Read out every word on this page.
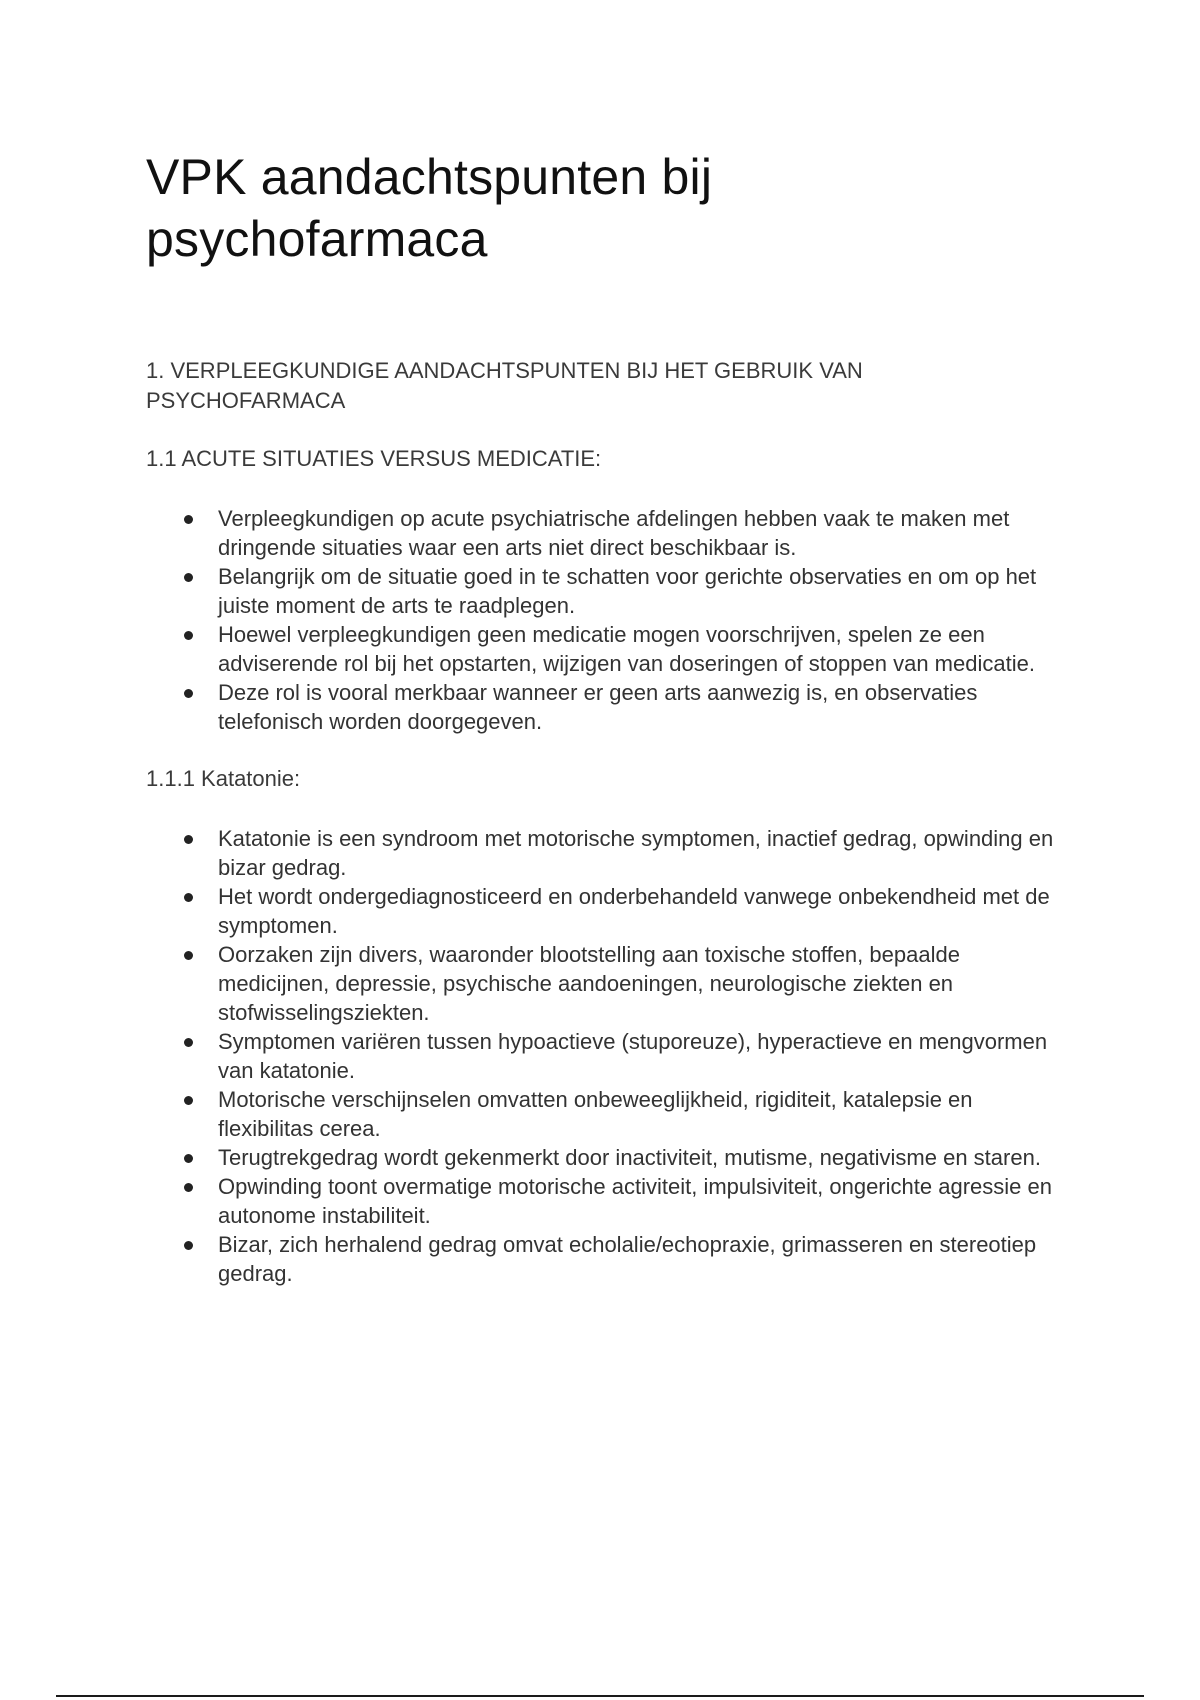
VPK aandachtspunten bij psychofarmaca
1. VERPLEEGKUNDIGE AANDACHTSPUNTEN BIJ HET GEBRUIK VAN PSYCHOFARMACA
1.1 ACUTE SITUATIES VERSUS MEDICATIE:
Verpleegkundigen op acute psychiatrische afdelingen hebben vaak te maken met dringende situaties waar een arts niet direct beschikbaar is.
Belangrijk om de situatie goed in te schatten voor gerichte observaties en om op het juiste moment de arts te raadplegen.
Hoewel verpleegkundigen geen medicatie mogen voorschrijven, spelen ze een adviserende rol bij het opstarten, wijzigen van doseringen of stoppen van medicatie.
Deze rol is vooral merkbaar wanneer er geen arts aanwezig is, en observaties telefonisch worden doorgegeven.
1.1.1 Katatonie:
Katatonie is een syndroom met motorische symptomen, inactief gedrag, opwinding en bizar gedrag.
Het wordt ondergediagnosticeerd en onderbehandeld vanwege onbekendheid met de symptomen.
Oorzaken zijn divers, waaronder blootstelling aan toxische stoffen, bepaalde medicijnen, depressie, psychische aandoeningen, neurologische ziekten en stofwisselingsziekten.
Symptomen variëren tussen hypoactieve (stuporeuze), hyperactieve en mengvormen van katatonie.
Motorische verschijnselen omvatten onbeweeglijkheid, rigiditeit, katalepsie en flexibilitas cerea.
Terugtrekgedrag wordt gekenmerkt door inactiviteit, mutisme, negativisme en staren.
Opwinding toont overmatige motorische activiteit, impulsiviteit, ongerichte agressie en autonome instabiliteit.
Bizar, zich herhalend gedrag omvat echolalie/echopraxie, grimasseren en stereotiep gedrag.
